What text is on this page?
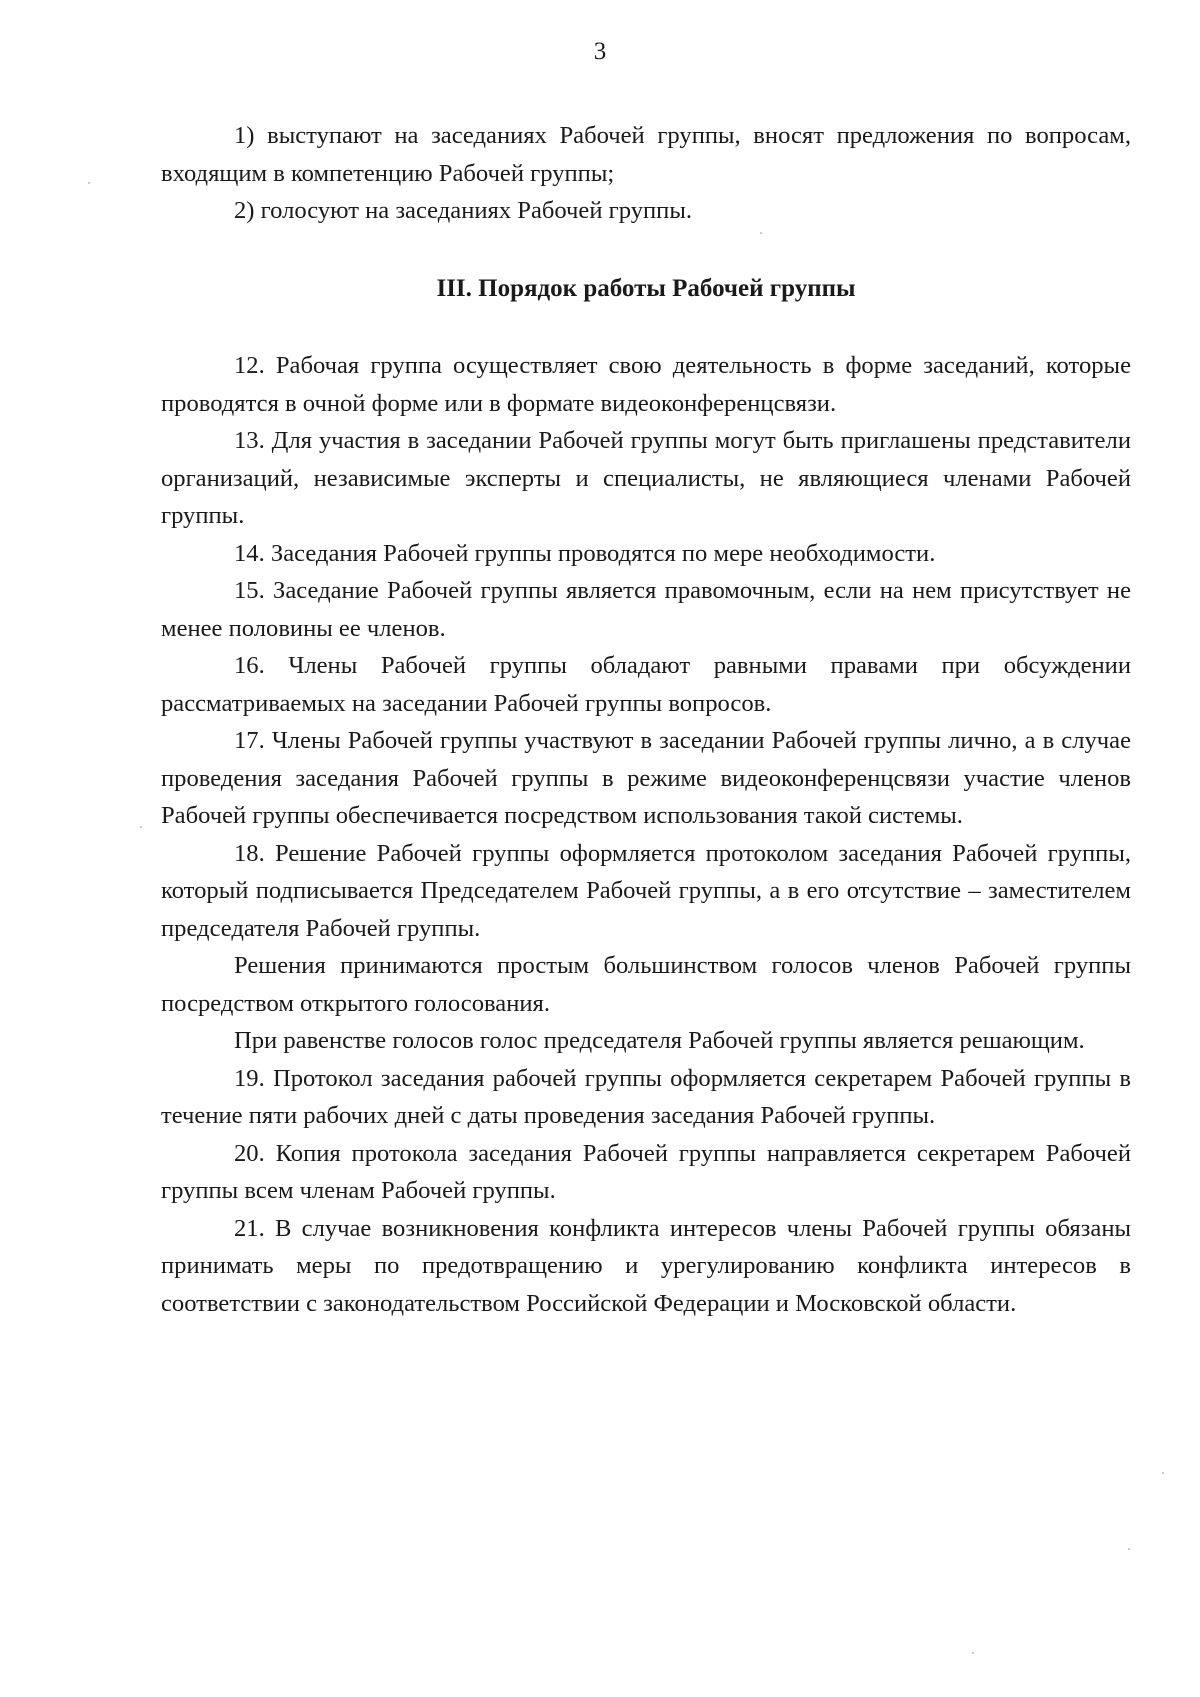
3

1) выступают на заседаниях Рабочей группы, вносят предложения по вопросам, входящим в компетенцию Рабочей группы;

2) голосуют на заседаниях Рабочей группы.

III. Порядок работы Рабочей группы

12. Рабочая группа осуществляет свою деятельность в форме заседаний, которые проводятся в очной форме или в формате видеоконференцсвязи.

13. Для участия в заседании Рабочей группы могут быть приглашены представители организаций, независимые эксперты и специалисты, не являющиеся членами Рабочей группы.

14. Заседания Рабочей группы проводятся по мере необходимости.

15. Заседание Рабочей группы является правомочным, если на нем присутствует не менее половины ее членов.

16. Члены Рабочей группы обладают равными правами при обсуждении рассматриваемых на заседании Рабочей группы вопросов.

17. Члены Рабочей группы участвуют в заседании Рабочей группы лично, а в случае проведения заседания Рабочей группы в режиме видеоконференцсвязи участие членов Рабочей группы обеспечивается посредством использования такой системы.

18. Решение Рабочей группы оформляется протоколом заседания Рабочей группы, который подписывается Председателем Рабочей группы, а в его отсутствие – заместителем председателя Рабочей группы.

Решения принимаются простым большинством голосов членов Рабочей группы посредством открытого голосования.

При равенстве голосов голос председателя Рабочей группы является решающим.

19. Протокол заседания рабочей группы оформляется секретарем Рабочей группы в течение пяти рабочих дней с даты проведения заседания Рабочей группы.

20. Копия протокола заседания Рабочей группы направляется секретарем Рабочей группы всем членам Рабочей группы.

21. В случае возникновения конфликта интересов члены Рабочей группы обязаны принимать меры по предотвращению и урегулированию конфликта интересов в соответствии с законодательством Российской Федерации и Московской области.
